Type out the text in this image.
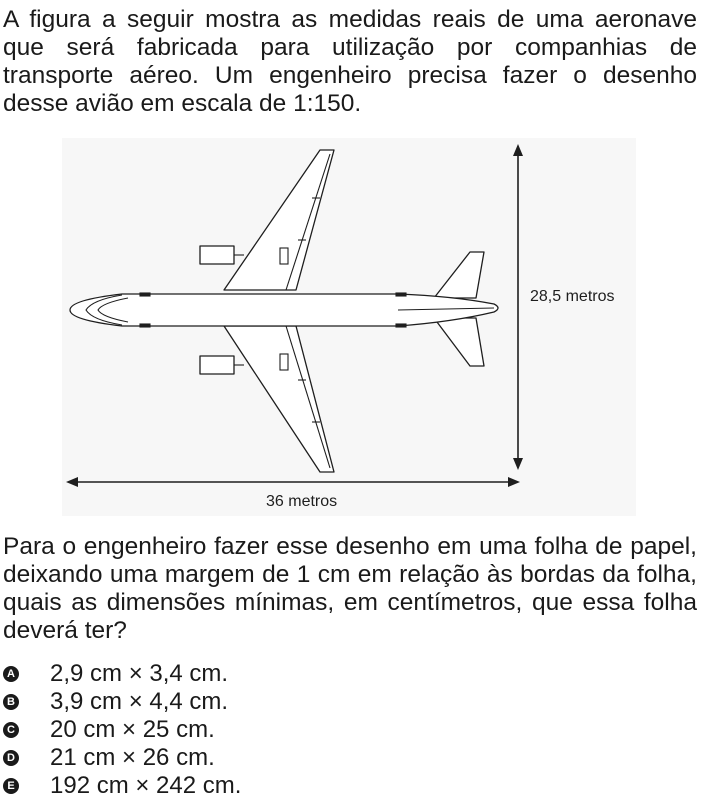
A figura a seguir mostra as medidas reais de uma aeronave que será fabricada para utilização por companhias de transporte aéreo. Um engenheiro precisa fazer o desenho desse avião em escala de 1:150.

28,5 metros
36 metros

Para o engenheiro fazer esse desenho em uma folha de papel, deixando uma margem de 1 cm em relação às bordas da folha, quais as dimensões mínimas, em centímetros, que essa folha deverá ter?

A 2,9 cm × 3,4 cm.
B 3,9 cm × 4,4 cm.
C 20 cm × 25 cm.
D 21 cm × 26 cm.
E 192 cm × 242 cm.
